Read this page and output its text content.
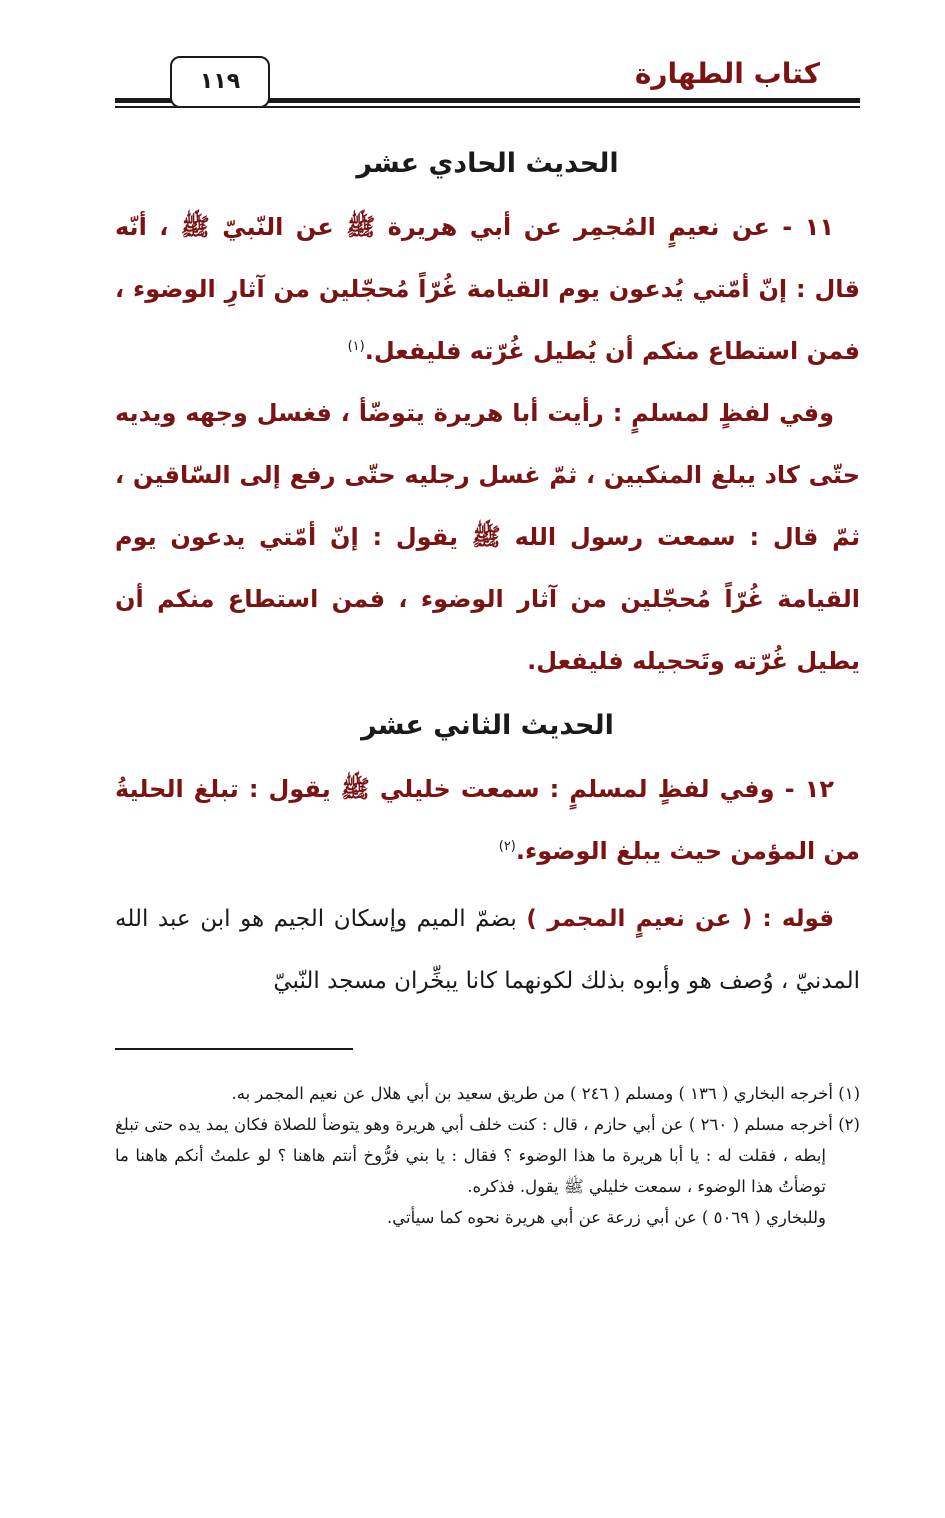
كتاب الطهارة
١١٩
الحديث الحادي عشر

١١ - عن نعيمٍ المُجمِر عن أبي هريرة ﷺ عن النّبيّ ﷺ ، أنّه قال : إنّ أمّتي يُدعون يوم القيامة غُرّاً مُحجّلين من آثارِ الوضوء ، فمن استطاع منكم أن يُطيل غُرّته فليفعل.$^{(١)}$

وفي لفظٍ لمسلمٍ : رأيت أبا هريرة يتوضّأ ، فغسل وجهه ويديه حتّى كاد يبلغ المنكبين ، ثمّ غسل رجليه حتّى رفع إلى السّاقين ، ثمّ قال : سمعت رسول الله ﷺ يقول : إنّ أمّتي يدعون يوم القيامة غُرّاً مُحجّلين من آثار الوضوء ، فمن استطاع منكم أن يطيل غُرّته وتَحجيله فليفعل.

الحديث الثاني عشر

١٢ - وفي لفظٍ لمسلمٍ : سمعت خليلي ﷺ يقول : تبلغ الحليةُ من المؤمن حيث يبلغ الوضوء.$^{(٢)}$

قوله : ( عن نعيمٍ المجمر ) بضمّ الميم وإسكان الجيم هو ابن عبد الله المدنيّ ، وُصف هو وأبوه بذلك لكونهما كانا يبخِّران مسجد النّبيّ

(١) أخرجه البخاري ( ١٣٦ ) ومسلم ( ٢٤٦ ) من طريق سعيد بن أبي هلال عن نعيم المجمر به.

(٢) أخرجه مسلم ( ٢٦٠ ) عن أبي حازم ، قال : كنت خلف أبي هريرة وهو يتوضأ للصلاة فكان يمد يده حتى تبلغ إبطه ، فقلت له : يا أبا هريرة ما هذا الوضوء ؟ فقال : يا بني فرُّوخ أنتم هاهنا ؟ لو علمتُ أنكم هاهنا ما توضأتُ هذا الوضوء ، سمعت خليلي ﷺ يقول. فذكره.

وللبخاري ( ٥٠٦٩ ) عن أبي زرعة عن أبي هريرة نحوه كما سيأتي.
